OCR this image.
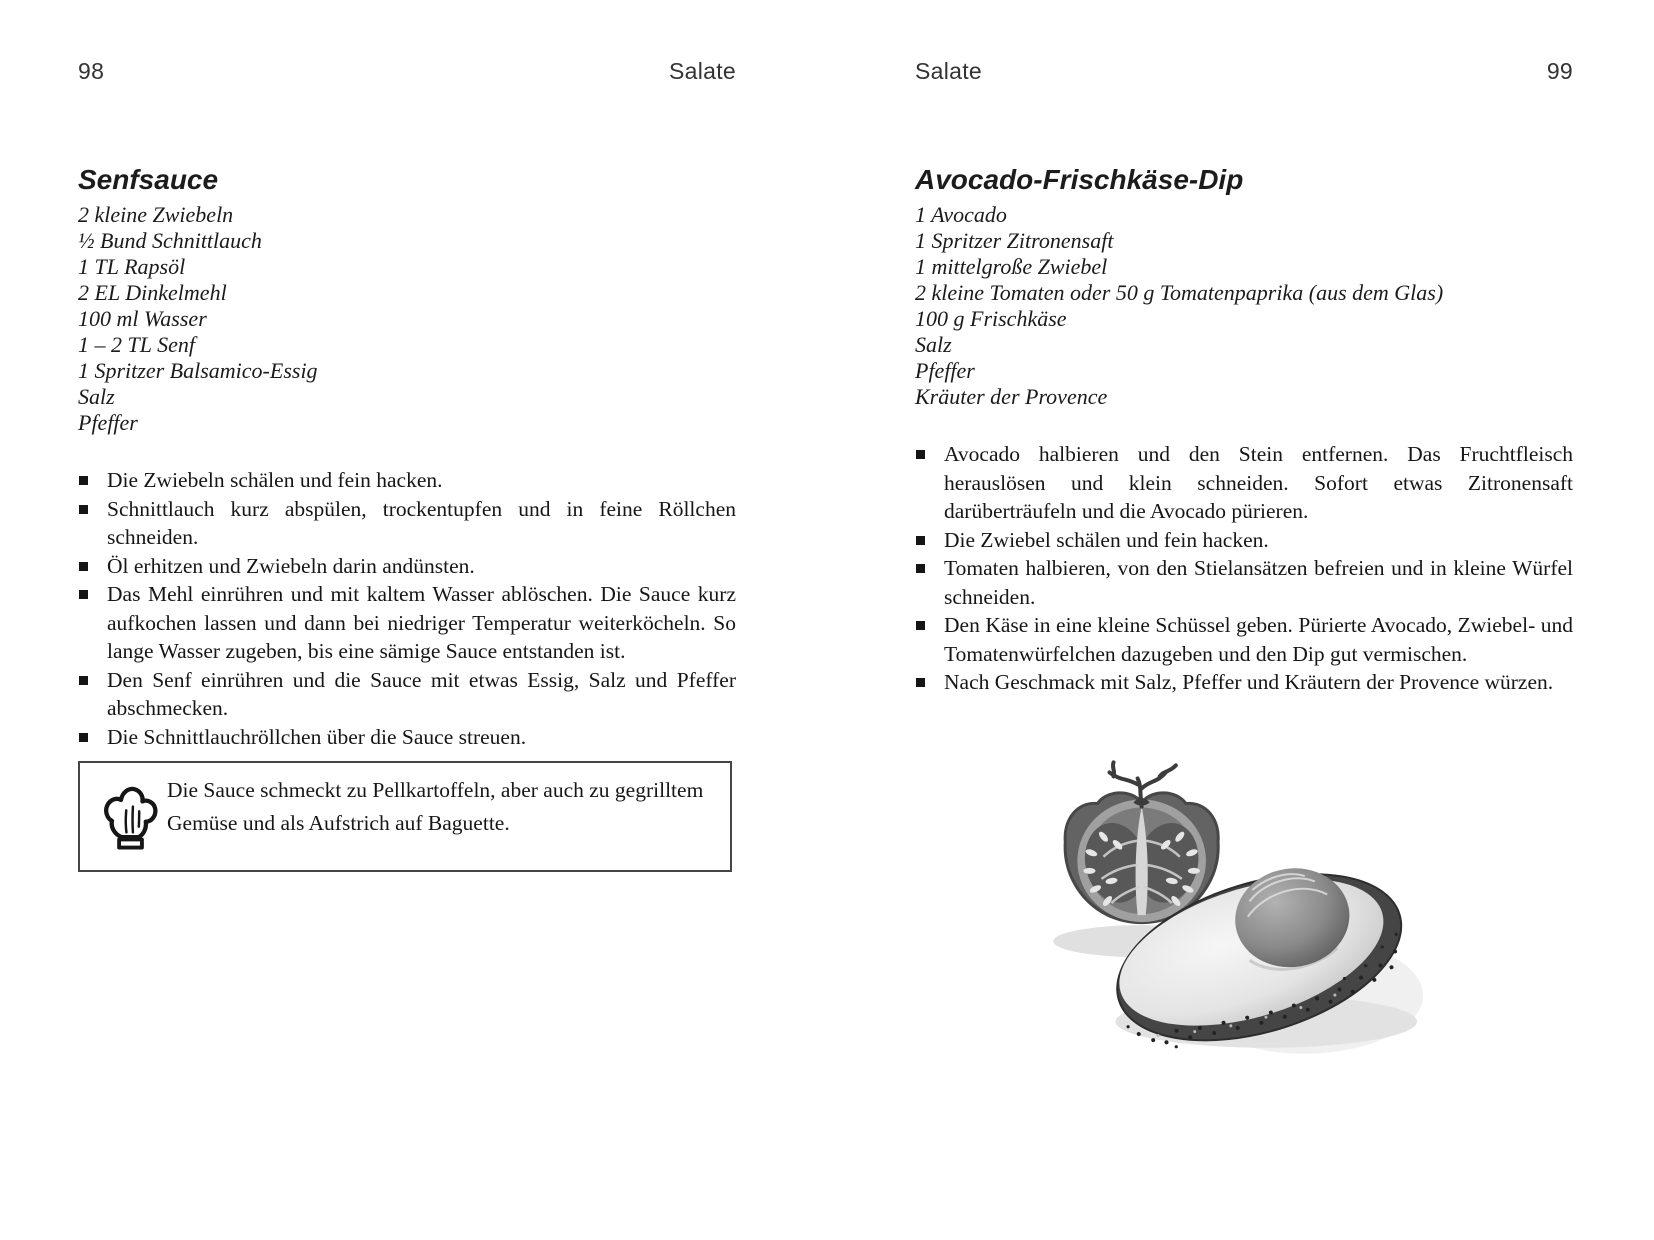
98	Salate
Senfsauce
2 kleine Zwiebeln
½ Bund Schnittlauch
1 TL Rapsöl
2 EL Dinkelmehl
100 ml Wasser
1 – 2 TL Senf
1 Spritzer Balsamico-Essig
Salz
Pfeffer
Die Zwiebeln schälen und fein hacken.
Schnittlauch kurz abspülen, trockentupfen und in feine Röllchen schneiden.
Öl erhitzen und Zwiebeln darin andünsten.
Das Mehl einrühren und mit kaltem Wasser ablöschen. Die Sauce kurz aufkochen lassen und dann bei niedriger Temperatur weiterköcheln. So lange Wasser zugeben, bis eine sämige Sauce entstanden ist.
Den Senf einrühren und die Sauce mit etwas Essig, Salz und Pfeffer abschmecken.
Die Schnittlauchröllchen über die Sauce streuen.

Die Sauce schmeckt zu Pellkartoffeln, aber auch zu gegrilltem Gemüse und als Aufstrich auf Baguette.

Salate	99
Avocado-Frischkäse-Dip
1 Avocado
1 Spritzer Zitronensaft
1 mittelgroße Zwiebel
2 kleine Tomaten oder 50 g Tomatenpaprika (aus dem Glas)
100 g Frischkäse
Salz
Pfeffer
Kräuter der Provence
Avocado halbieren und den Stein entfernen. Das Fruchtfleisch herauslösen und klein schneiden. Sofort etwas Zitronensaft darüberträufeln und die Avocado pürieren.
Die Zwiebel schälen und fein hacken.
Tomaten halbieren, von den Stielansätzen befreien und in kleine Würfel schneiden.
Den Käse in eine kleine Schüssel geben. Pürierte Avocado, Zwiebel- und Tomatenwürfelchen dazugeben und den Dip gut vermischen.
Nach Geschmack mit Salz, Pfeffer und Kräutern der Provence würzen.
